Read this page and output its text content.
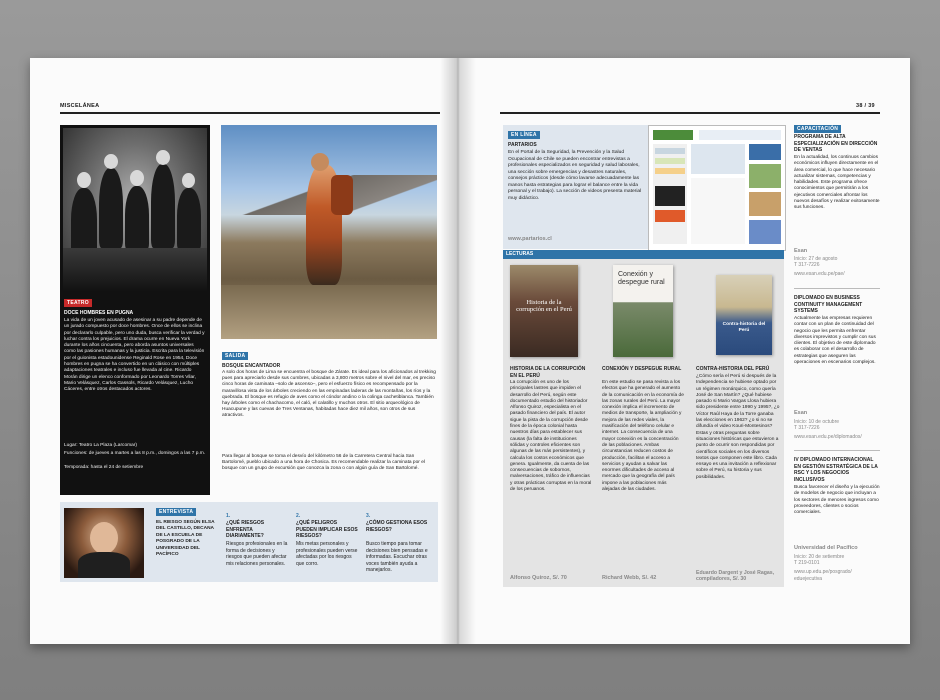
MISCELÁNEA
TEATRO
DOCE HOMBRES EN PUGNA
La vida de un joven acusado de asesinar a su padre depende de un jurado compuesto por doce hombres. Once de ellos se inclina por declararlo culpable, pero uno duda, busca verificar la verdad y luchar contra los prejuicios. El drama ocurre en Nueva York durante los años cincuenta, pero aborda asuntos universales como las pasiones humanas y la justicia. Escrita para la televisión por el guionista estadounidense Reginald Rose en 1954, Doce hombres en pugna se ha convertido en un clásico con múltiples adaptaciones teatrales e incluso fue llevada al cine. Ricardo Morán dirige un elenco conformado por Leonardo Torres Vilar, Mario Velásquez, Carlos Gassols, Ricardo Velásquez, Lucho Cáceres, entre otros destacados actores.
Lugar: Teatro La Plaza (Larcomar)
Funciones: de jueves a martes a las 8 p.m., domingos a las 7 p.m.
Temporada: hasta el 24 de setiembre
SALIDA
BOSQUE ENCANTADOR
A solo dos horas de Lima se encuentra el bosque de Zárate. Es ideal para los aficionados al trekking pues para apreciarlo desde sus cumbres, ubicadas a 3,800 metros sobre el nivel del mar, es preciso cinco horas de caminata –solo de ascenso–, pero el esfuerzo físico es recompensado por la maravillosa vista de los árboles creciendo en las empinadas laderas de las montañas, los ríos y la quebrada. El bosque es refugio de aves como el cóndor andino o la colinga cachetiblanca. También hay árboles como el chachacomo, el caló, el calatillo y muchos otros. El sitio arqueológico de Huacupune y las cuevas de Tres Ventanas, habitadas hace diez mil años, son otros de sus atractivos.
Para llegar al bosque se toma el desvío del kilómetro 56 de la Carretera Central hacia San Bartolomé, pueblo ubicado a una hora de Chosica. Es recomendable realizar la caminata por el bosque con un grupo de excursión que conozca la zona o con algún guía de San Bartolomé.
ENTREVISTA
EL RIESGO SEGÚN ELSA DEL CASTILLO, DECANA DE LA ESCUELA DE POSGRADO DE LA UNIVERSIDAD DEL PACÍFICO
1.
¿QUÉ RIESGOS ENFRENTA DIARIAMENTE?
Riesgos profesionales en la forma de decisiones y riesgos que pueden afectar mis relaciones personales.
2.
¿QUÉ PELIGROS PUEDEN IMPLICAR ESOS RIESGOS?
Mis metas personales y profesionales pueden verse afectadas por los riesgos que corro.
3.
¿CÓMO GESTIONA ESOS RIESGOS?
Busco tiempo para tomar decisiones bien pensadas e informadas. Escuchar otras voces también ayuda a manejarlos.
38 / 39
EN LÍNEA
PARTARIOS
En el Portal de la Seguridad, la Prevención y la Salud Ocupacional de Chile se pueden encontrar entrevistas a profesionales especializados en seguridad y salud laborales, una sección sobre emergencias y desastres naturales, consejos prácticos (desde cómo lavarse adecuadamente las manos hasta estrategias para lograr el balance entre la vida personal y el trabajo). La sección de videos presenta material muy didáctico.
www.partarios.cl
LECTURAS
Historia de la corrupción en el Perú
HISTORIA DE LA CORRUPCIÓN EN EL PERÚ
La corrupción es uno de los principales lastres que impiden el desarrollo del Perú, según este documentado estudio del historiador Alfonso Quiroz, especialista en el pasado financiero del país. El autor sigue la pista de la corrupción desde fines de la época colonial hasta nuestros días para establecer sus causas (la falta de instituciones sólidas y controles eficientes son algunas de las más persistentes), y calcula los costos económicos que genera. Igualmente, da cuenta de las consecuencias de sobornos, malversaciones, tráfico de influencias y otras prácticas corruptas en la moral de los peruanos.
Alfonso Quiroz, S/. 70
Conexión y despegue rural
CONEXIÓN Y DESPEGUE RURAL
En este estudio se pasa revista a los efectos que ha generado el aumento de la comunicación en la economía de las zonas rurales del Perú. La mayor conexión implica el incremento de medios de transporte, la ampliación y mejora de las redes viales, la masificación del teléfono celular e internet. La consecuencia de una mayor conexión es la concentración de las poblaciones. Ambas circunstancias reducen costos de producción, facilitan el acceso a servicios y ayudan a salvar las enormes dificultades de acceso al mercado que la geografía del país impone a las poblaciones más alejadas de las ciudades.
Richard Webb, S/. 42
Contra-historia del Perú
CONTRA-HISTORIA DEL PERÚ
¿Cómo sería el Perú si después de la Independencia se hubiese optado por un régimen monárquico, como quería José de San Martín? ¿Qué hubiese pasado si Mario Vargas Llosa hubiera sido presidente entre 1990 y 1995?, ¿o Víctor Raúl Haya de la Torre ganaba las elecciones en 1962? ¿o si no se difundía el video Kouri-Montesinos? Estas y otras preguntas sobre situaciones históricas que estuvieron a punto de ocurrir son respondidas por científicos sociales en los diversos textos que componen este libro. Cada ensayo es una invitación a reflexionar sobre el Perú, su historia y sus posibilidades.
Eduardo Dargent y José Ragas, compiladores, S/. 30
CAPACITACIÓN
PROGRAMA DE ALTA ESPECIALIZACIÓN EN DIRECCIÓN DE VENTAS
En la actualidad, los continuos cambios económicos influyen directamente en el área comercial, lo que hace necesario actualizar sistemas, competencias y habilidades. Este programa ofrece conocimientos que permitirán a los ejecutivos comerciales afrontar los nuevos desafíos y realizar exitosamente sus funciones.
Esan
Inicio: 27 de agosto
T 317-7226
www.esan.edu.pe/pae/
DIPLOMADO EN BUSINESS CONTINUITY MANAGEMENT SYSTEMS
Actualmente las empresas requieren contar con un plan de continuidad del negocio que les permita enfrentar diversos imprevistos y cumplir con sus clientes. El objetivo de este diplomado es colaborar con el desarrollo de estrategias que aseguren las operaciones en escenarios complejos.
Esan
Inicio: 10 de octubre
T 317-7226
www.esan.edu.pe/diplomados/
IV DIPLOMADO INTERNACIONAL EN GESTIÓN ESTRATÉGICA DE LA RSC Y LOS NEGOCIOS INCLUSIVOS
Busca favorecer el diseño y la ejecución de modelos de negocio que incluyan a los sectores de menores ingresos como proveedores, clientes o socios comerciales.
Universidad del Pacífico
Inicio: 20 de setiembre
T 219-0101
www.up.edu.pe/posgrado/ eduejecutiva
